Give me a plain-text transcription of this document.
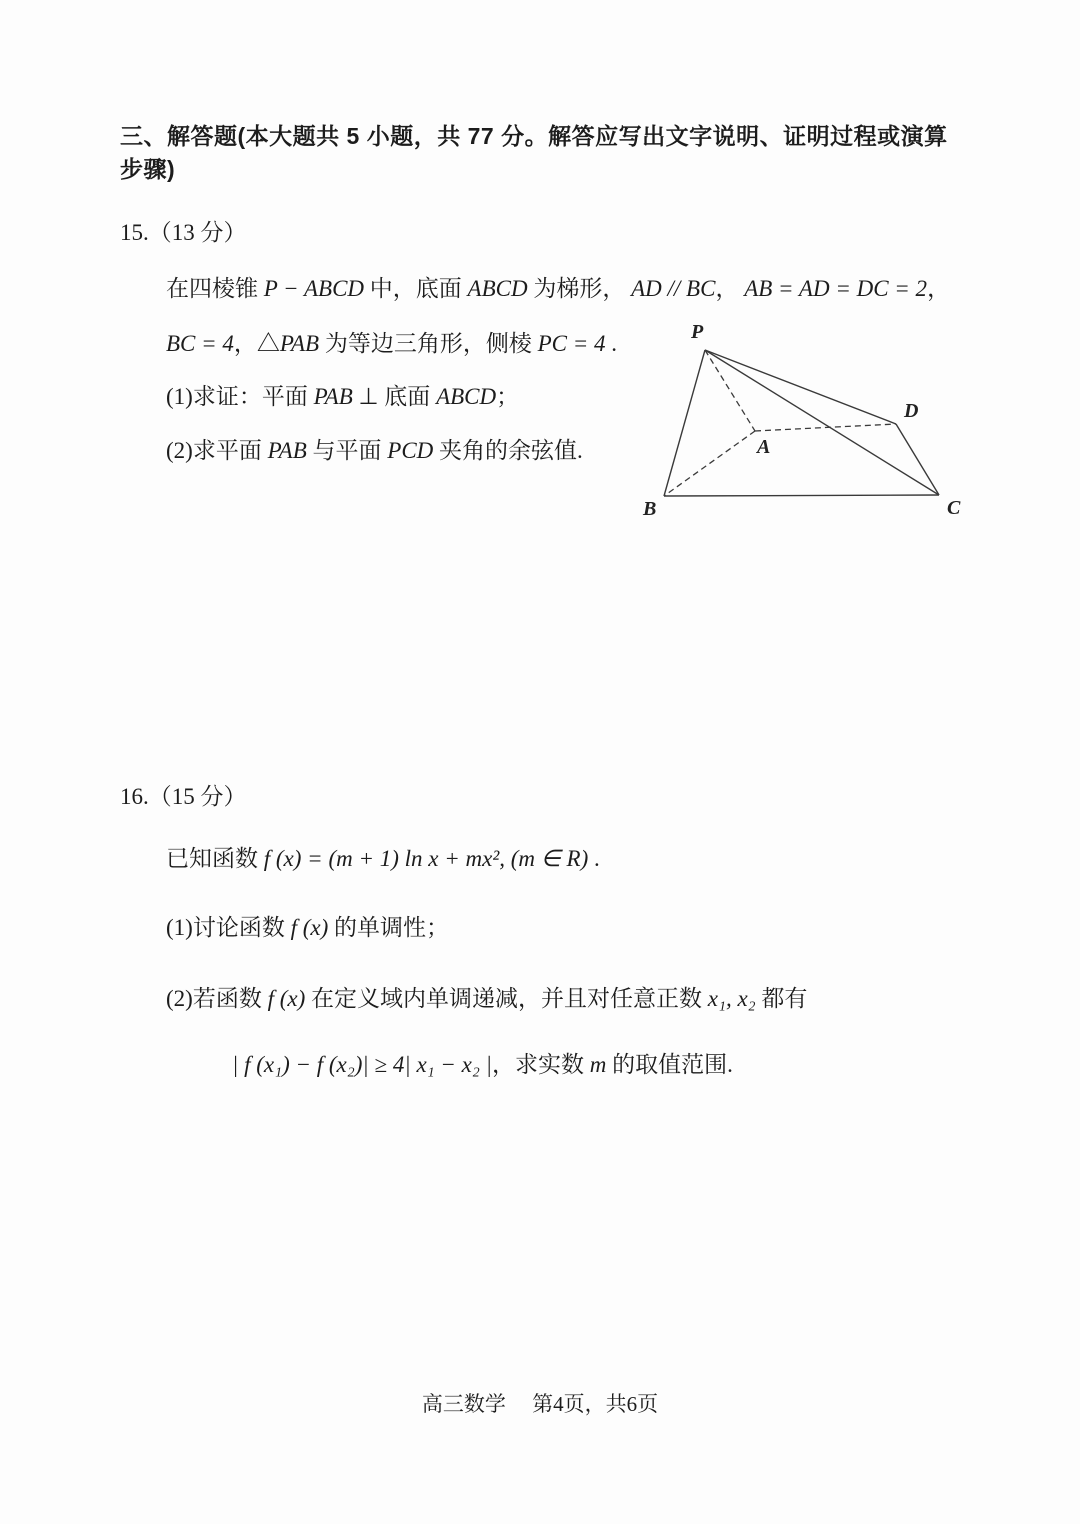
三、解答题(本大题共 5 小题，共 77 分。解答应写出文字说明、证明过程或演算步骤)
15.（13 分）
在四棱锥 P − ABCD 中，底面 ABCD 为梯形， AD // BC， AB = AD = DC = 2，
BC = 4，△PAB 为等边三角形，侧棱 PC = 4 .
(1)求证：平面 PAB ⊥ 底面 ABCD；
(2)求平面 PAB 与平面 PCD 夹角的余弦值.
16.（15 分）
已知函数 f (x) = (m + 1) ln x + mx², (m ∈ R) .
(1)讨论函数 f (x) 的单调性；
(2)若函数 f (x) 在定义域内单调递减，并且对任意正数 x₁, x₂ 都有
| f (x₁) − f (x₂)| ≥ 4| x₁ − x₂ |，求实数 m 的取值范围.
P
D
A
B	C
高三数学　 第4页，共6页
